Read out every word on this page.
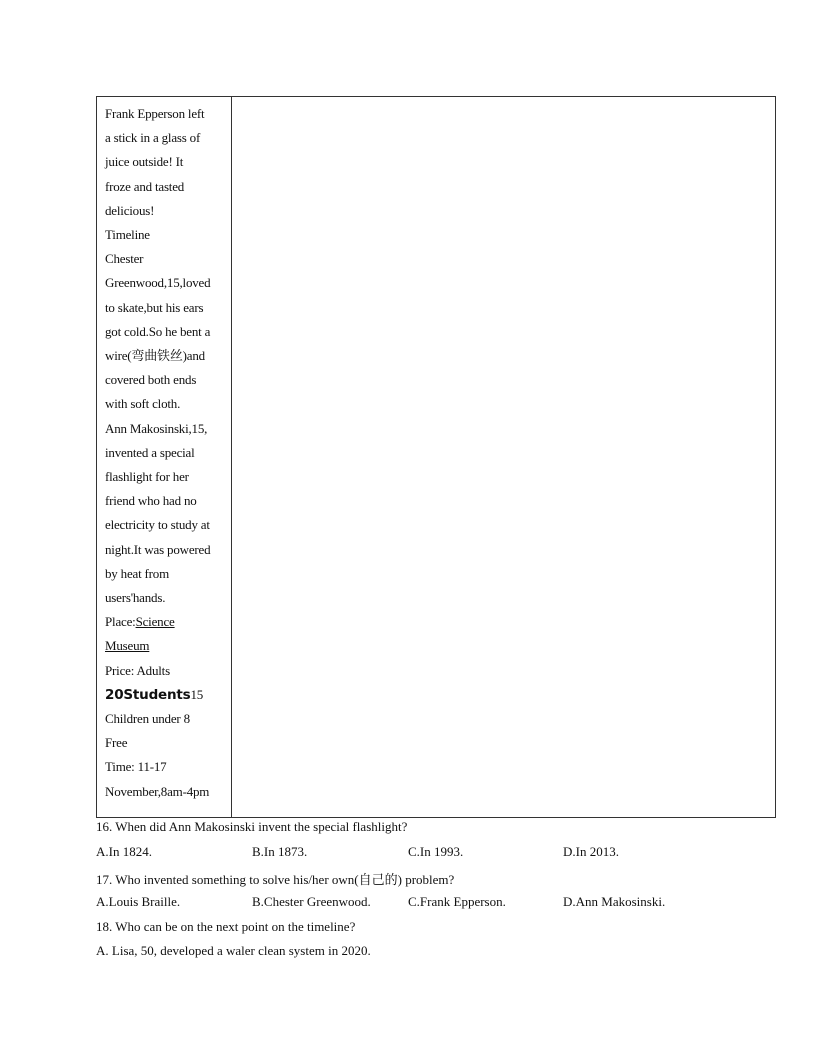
Frank Epperson left
a stick in a glass of
juice outside! It
froze and tasted
delicious!
Timeline
Chester
Greenwood,15,loved
to skate,but his ears
got cold.So he bent a
wire(弯曲铁丝)and
covered both ends
with soft cloth.
Ann Makosinski,15,
invented a special
flashlight for her
friend who had no
electricity to study at
night.It was powered
by heat from
users'hands.
Place:Science
Museum
Price: Adults
20Students15
Children under 8
Free
Time: 11-17
November,8am-4pm
16. When did Ann Makosinski invent the special flashlight?
A.In 1824.	B.In 1873.	C.In 1993.	D.In 2013.
17. Who invented something to solve his/her own(自己的) problem?
A.Louis Braille.	B.Chester Greenwood.	C.Frank Epperson.	D.Ann Makosinski.
18. Who can be on the next point on the timeline?
A. Lisa, 50, developed a waler clean system in 2020.
